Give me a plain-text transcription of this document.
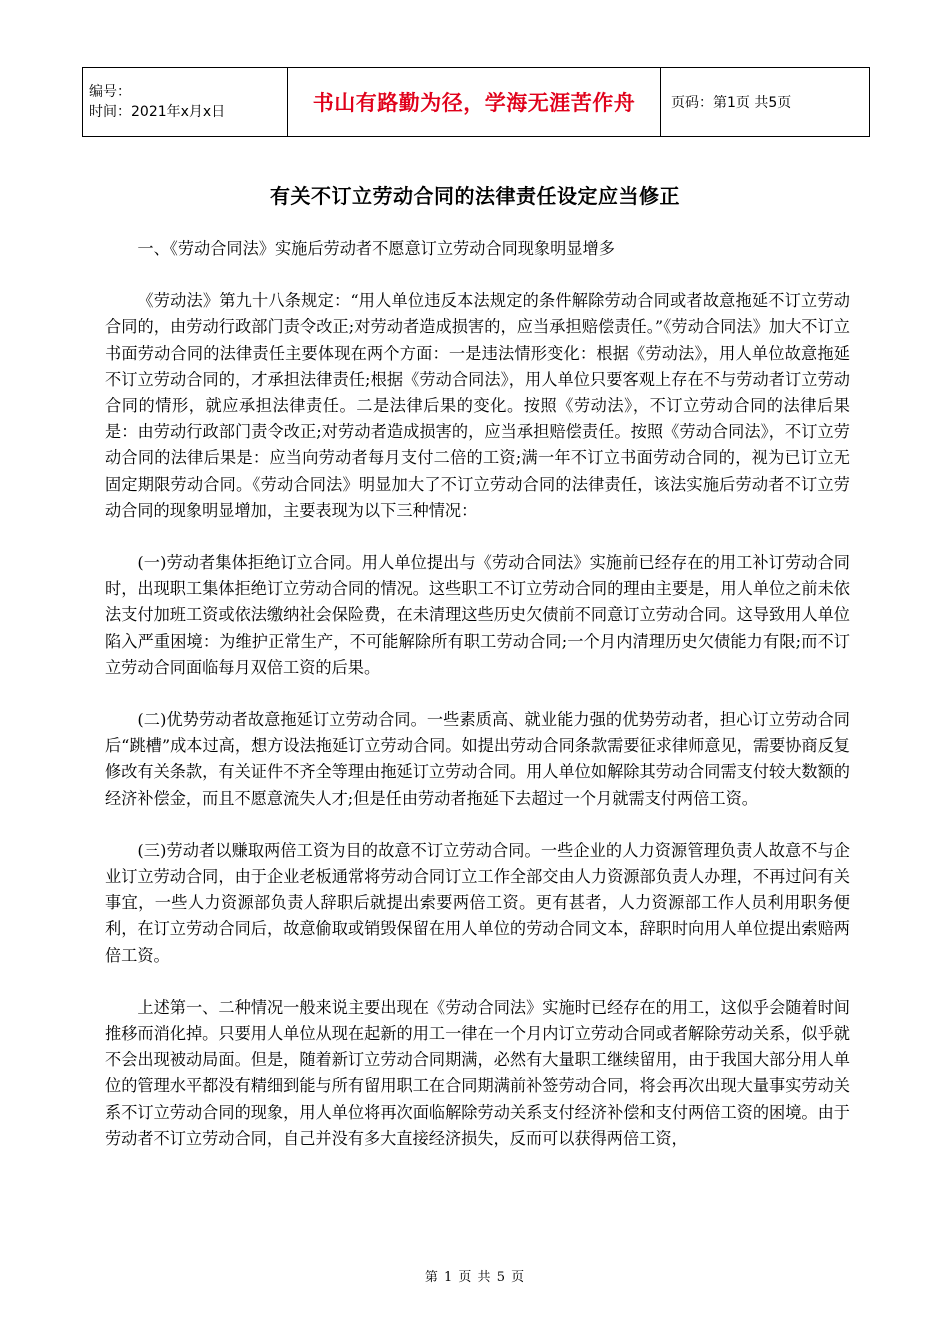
编号：
时间：2021年x月x日	书山有路勤为径，学海无涯苦作舟	页码：第1页 共5页
有关不订立劳动合同的法律责任设定应当修正

一、《劳动合同法》实施后劳动者不愿意订立劳动合同现象明显增多

《劳动法》第九十八条规定：“用人单位违反本法规定的条件解除劳动合同或者故意拖延不订立劳动合同的，由劳动行政部门责令改正;对劳动者造成损害的，应当承担赔偿责任。”《劳动合同法》加大不订立书面劳动合同的法律责任主要体现在两个方面：一是违法情形变化：根据《劳动法》，用人单位故意拖延不订立劳动合同的，才承担法律责任;根据《劳动合同法》，用人单位只要客观上存在不与劳动者订立劳动合同的情形，就应承担法律责任。二是法律后果的变化。按照《劳动法》，不订立劳动合同的法律后果是：由劳动行政部门责令改正;对劳动者造成损害的，应当承担赔偿责任。按照《劳动合同法》，不订立劳动合同的法律后果是：应当向劳动者每月支付二倍的工资;满一年不订立书面劳动合同的，视为已订立无固定期限劳动合同。《劳动合同法》明显加大了不订立劳动合同的法律责任，该法实施后劳动者不订立劳动合同的现象明显增加，主要表现为以下三种情况：

(一)劳动者集体拒绝订立合同。用人单位提出与《劳动合同法》实施前已经存在的用工补订劳动合同时，出现职工集体拒绝订立劳动合同的情况。这些职工不订立劳动合同的理由主要是，用人单位之前未依法支付加班工资或依法缴纳社会保险费，在未清理这些历史欠债前不同意订立劳动合同。这导致用人单位陷入严重困境：为维护正常生产，不可能解除所有职工劳动合同;一个月内清理历史欠债能力有限;而不订立劳动合同面临每月双倍工资的后果。

(二)优势劳动者故意拖延订立劳动合同。一些素质高、就业能力强的优势劳动者，担心订立劳动合同后“跳槽”成本过高，想方设法拖延订立劳动合同。如提出劳动合同条款需要征求律师意见，需要协商反复修改有关条款，有关证件不齐全等理由拖延订立劳动合同。用人单位如解除其劳动合同需支付较大数额的经济补偿金，而且不愿意流失人才;但是任由劳动者拖延下去超过一个月就需支付两倍工资。

(三)劳动者以赚取两倍工资为目的故意不订立劳动合同。一些企业的人力资源管理负责人故意不与企业订立劳动合同，由于企业老板通常将劳动合同订立工作全部交由人力资源部负责人办理，不再过问有关事宜，一些人力资源部负责人辞职后就提出索要两倍工资。更有甚者，人力资源部工作人员利用职务便利，在订立劳动合同后，故意偷取或销毁保留在用人单位的劳动合同文本，辞职时向用人单位提出索赔两倍工资。

上述第一、二种情况一般来说主要出现在《劳动合同法》实施时已经存在的用工，这似乎会随着时间推移而消化掉。只要用人单位从现在起新的用工一律在一个月内订立劳动合同或者解除劳动关系，似乎就不会出现被动局面。但是，随着新订立劳动合同期满，必然有大量职工继续留用，由于我国大部分用人单位的管理水平都没有精细到能与所有留用职工在合同期满前补签劳动合同，将会再次出现大量事实劳动关系不订立劳动合同的现象，用人单位将再次面临解除劳动关系支付经济补偿和支付两倍工资的困境。由于劳动者不订立劳动合同，自己并没有多大直接经济损失，反而可以获得两倍工资，

第 1 页 共 5 页
